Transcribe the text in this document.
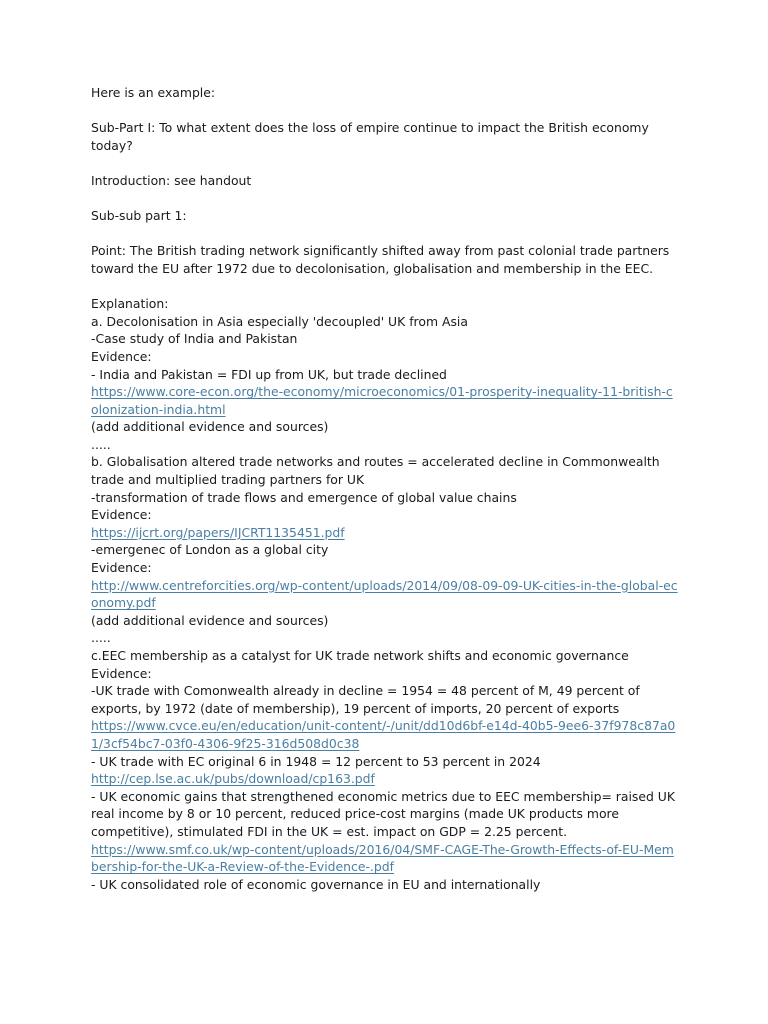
Here is an example:
Sub-Part I: To what extent does the loss of empire continue to impact the British economy today?
Introduction: see handout
Sub-sub part 1:
Point: The British trading network significantly shifted away from past colonial trade partners toward the EU after 1972 due to decolonisation, globalisation and membership in the EEC.
Explanation:
a. Decolonisation in Asia especially 'decoupled' UK from Asia
-Case study of India and Pakistan
Evidence:
- India and Pakistan = FDI up from UK, but trade declined
https://www.core-econ.org/the-economy/microeconomics/01-prosperity-inequality-11-british-colonization-india.html
(add additional evidence and sources)
.....
b. Globalisation altered trade networks and routes = accelerated decline in Commonwealth trade and multiplied trading partners for UK
-transformation of trade flows and emergence of global value chains
Evidence:
https://ijcrt.org/papers/IJCRT1135451.pdf
-emergenec of London as a global city
Evidence:
http://www.centreforcities.org/wp-content/uploads/2014/09/08-09-09-UK-cities-in-the-global-economy.pdf
(add additional evidence and sources)
.....
c.EEC membership as a catalyst for UK trade network shifts and economic governance
Evidence:
-UK trade with Comonwealth already in decline = 1954 = 48 percent of M, 49 percent of exports, by 1972 (date of membership), 19 percent of imports, 20 percent of exports
https://www.cvce.eu/en/education/unit-content/-/unit/dd10d6bf-e14d-40b5-9ee6-37f978c87a01/3cf54bc7-03f0-4306-9f25-316d508d0c38
- UK trade with EC original 6 in 1948 = 12 percent to 53 percent in 2024
http://cep.lse.ac.uk/pubs/download/cp163.pdf
- UK economic gains that strengthened economic metrics due to EEC membership= raised UK real income by 8 or 10 percent, reduced price-cost margins (made UK products more competitive), stimulated FDI in the UK = est. impact on GDP = 2.25 percent.
https://www.smf.co.uk/wp-content/uploads/2016/04/SMF-CAGE-The-Growth-Effects-of-EU-Membership-for-the-UK-a-Review-of-the-Evidence-.pdf
- UK consolidated role of economic governance in EU and internationally
